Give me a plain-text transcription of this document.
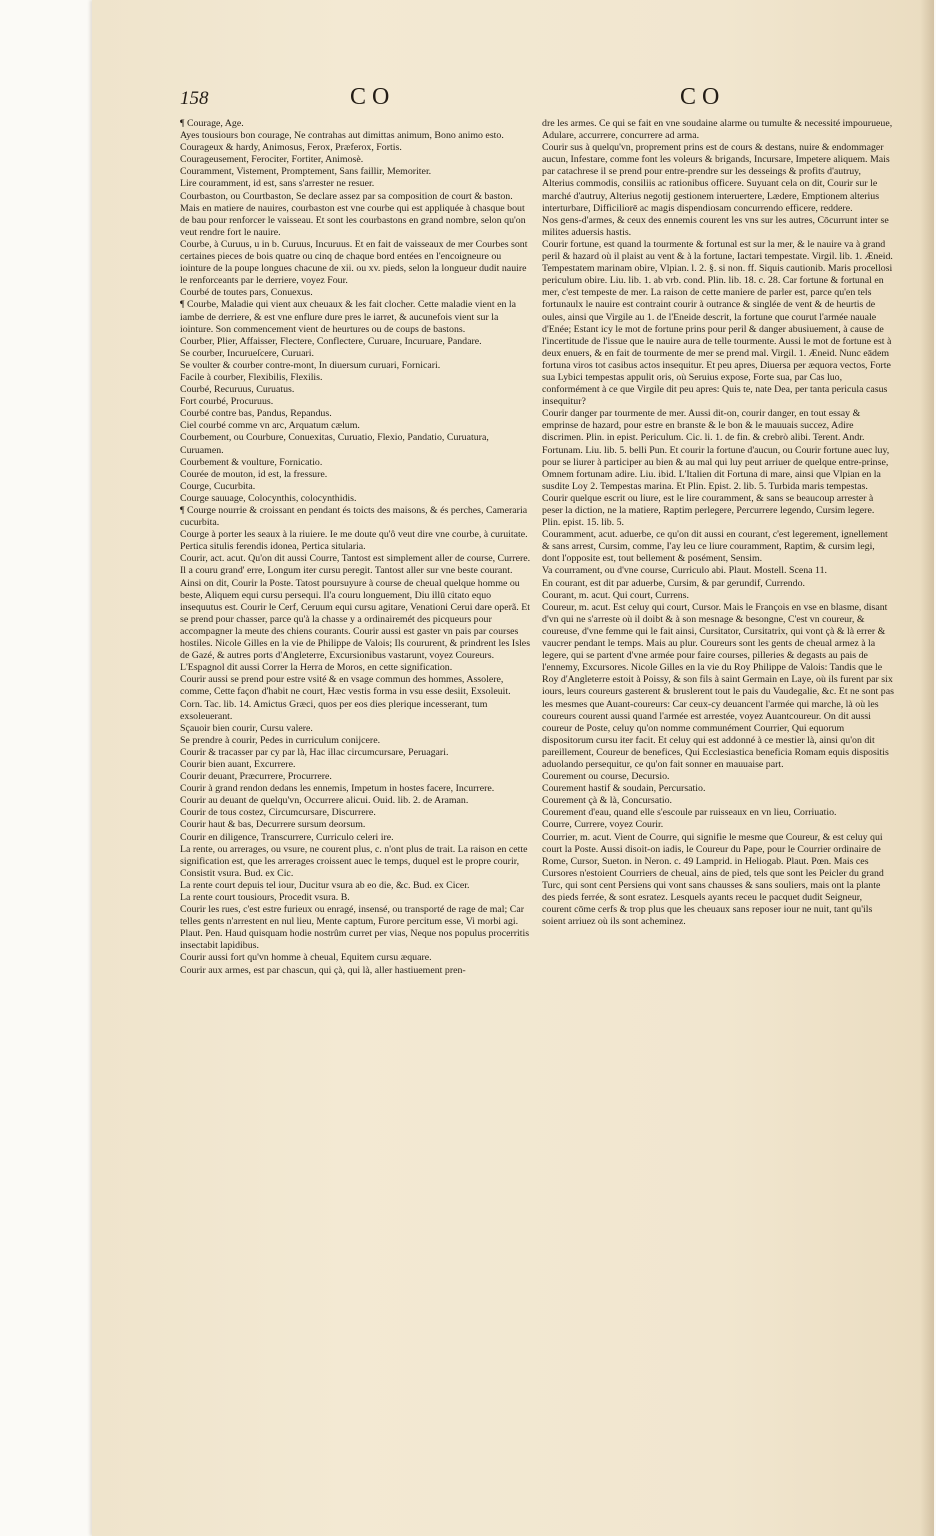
158	CO	CO

¶ Courage, Age.

Ayes tousiours bon courage, Ne contrahas aut dimittas animum, Bono animo esto.

Courageux & hardy, Animosus, Ferox, Præferox, Fortis.

Courageusement, Ferociter, Fortiter, Animosè.

Couramment, Vistement, Promptement, Sans faillir, Memoriter.

Lire couramment, id est, sans s'arrester ne resuer.

Courbaston, ou Courtbaston, Se declare assez par sa composition de court & baston. Mais en matiere de nauires, courbaston est vne courbe qui est appliquée à chasque bout de bau pour renforcer le vaisseau. Et sont les courbastons en grand nombre, selon qu'on veut rendre fort le nauire.

Courbe, à Curuus, u in b. Curuus, Incuruus. Et en fait de vaisseaux de mer Courbes sont certaines pieces de bois quatre ou cinq de chaque bord entées en l'encoigneure ou iointure de la poupe longues chacune de xii. ou xv. pieds, selon la longueur dudit nauire le renforceants par le derriere, voyez Four.

Courbé de toutes pars, Conuexus.

¶ Courbe, Maladie qui vient aux cheuaux & les fait clocher. Cette maladie vient en la iambe de derriere, & est vne enflure dure pres le iarret, & aucunefois vient sur la iointure. Son commencement vient de heurtures ou de coups de bastons.

Courber, Plier, Affaisser, Flectere, Conflectere, Curuare, Incuruare, Pandare.

Se courber, Incurueſcere, Curuari.

Se voulter & courber contre-mont, In diuersum curuari, Fornicari.

Facile à courber, Flexibilis, Flexilis.

Courbé, Recuruus, Curuatus.

Fort courbé, Procuruus.

Courbé contre bas, Pandus, Repandus.

Ciel courbé comme vn arc, Arquatum cælum.

Courbement, ou Courbure, Conuexitas, Curuatio, Flexio, Pandatio, Curuatura, Curuamen.

Courbement & voulture, Fornicatio.

Courée de mouton, id est, la fressure.

Courge, Cucurbita.

Courge sauuage, Colocynthis, colocynthidis.

¶ Courge nourrie & croissant en pendant és toicts des maisons, & és perches, Cameraria cucurbita.

Courge à porter les seaux à la riuiere. Ie me doute qu'ô veut dire vne courbe, à curuitate. Pertica situlis ferendis idonea, Pertica sitularia.

Courir, act. acut. Qu'on dit aussi Courre, Tantost est simplement aller de course, Currere. Il a couru grand' erre, Longum iter cursu peregit. Tantost aller sur vne beste courant. Ainsi on dit, Courir la Poste. Tatost poursuyure à course de cheual quelque homme ou beste, Aliquem equi cursu persequi. Il'a couru longuement, Diu illū citato equo insequutus est. Courir le Cerf, Ceruum equi cursu agitare, Venationi Cerui dare operã. Et se prend pour chasser, parce qu'à la chasse y a ordinairemét des picqueurs pour accompagner la meute des chiens courants. Courir aussi est gaster vn pais par courses hostiles. Nicole Gilles en la vie de Philippe de Valois; Ils coururent, & prindrent les Isles de Gazé, & autres ports d'Angleterre, Excursionibus vastarunt, voyez Coureurs. L'Espagnol dit aussi Correr la Herra de Moros, en cette signification.

Courir aussi se prend pour estre vsité & en vsage commun des hommes, Assolere, comme, Cette façon d'habit ne court, Hæc vestis forma in vsu esse desiit, Exsoleuit. Corn. Tac. lib. 14. Amictus Græci, quos per eos dies plerique incesserant, tum exsoleuerant.

Sçauoir bien courir, Cursu valere.

Se prendre à courir, Pedes in curriculum conijcere.

Courir & tracasser par cy par là, Hac illac circumcursare, Peruagari.

Courir bien auant, Excurrere.

Courir deuant, Præcurrere, Procurrere.

Courir à grand rendon dedans les ennemis, Impetum in hostes facere, Incurrere.

Courir au deuant de quelqu'vn, Occurrere alicui. Ouid. lib. 2. de Araman.

Courir de tous costez, Circumcursare, Discurrere.

Courir haut & bas, Decurrere sursum deorsum.

Courir en diligence, Transcurrere, Curriculo celeri ire.

La rente, ou arrerages, ou vsure, ne courent plus, c. n'ont plus de trait. La raison en cette signification est, que les arrerages croissent auec le temps, duquel est le propre courir, Consistit vsura. Bud. ex Cic.

La rente court depuis tel iour, Ducitur vsura ab eo die, &c. Bud. ex Cicer.

La rente court tousiours, Procedit vsura. B.

Courir les rues, c'est estre furieux ou enragé, insensé, ou transporté de rage de mal; Car telles gents n'arrestent en nul lieu, Mente captum, Furore percitum esse, Vi morbi agi. Plaut. Pen. Haud quisquam hodie nostrûm curret per vias, Neque nos populus procerritis insectabit lapidibus.

Courir aussi fort qu'vn homme à cheual, Equitem cursu æquare.

Courir aux armes, est par chascun, qui çà, qui là, aller hastiuement pren-

dre les armes. Ce qui se fait en vne soudaine alarme ou tumulte & necessité impourueue, Adulare, accurrere, concurrere ad arma.

Courir sus à quelqu'vn, proprement prins est de cours & destans, nuire & endommager aucun, Infestare, comme font les voleurs & brigands, Incursare, Impetere aliquem. Mais par catachrese il se prend pour entre-prendre sur les desseings & profits d'autruy, Alterius commodis, consiliis ac rationibus officere. Suyuant cela on dit, Courir sur le marché d'autruy, Alterius negotij gestionem interuertere, Lædere, Emptionem alterius interturbare, Difficiliorē ac magis dispendiosam concurrendo efficere, reddere.

Nos gens-d'armes, & ceux des ennemis courent les vns sur les autres, Cōcurrunt inter se milites aduersis hastis.

Courir fortune, est quand la tourmente & fortunal est sur la mer, & le nauire va à grand peril & hazard où il plaist au vent & à la fortune, Iactari tempestate. Virgil. lib. 1. Æneid. Tempestatem marinam obire, Vlpian. l. 2. §. si non. ff. Siquis cautionib. Maris procellosi periculum obire. Liu. lib. 1. ab vrb. cond. Plin. lib. 18. c. 28. Car fortune & fortunal en mer, c'est tempeste de mer. La raison de cette maniere de parler est, parce qu'en tels fortunaulx le nauire est contraint courir à outrance & singlée de vent & de heurtis de oules, ainsi que Virgile au 1. de l'Eneide descrit, la fortune que courut l'armée nauale d'Enée; Estant icy le mot de fortune prins pour peril & danger abusiuement, à cause de l'incertitude de l'issue que le nauire aura de telle tourmente. Aussi le mot de fortune est à deux enuers, & en fait de tourmente de mer se prend mal. Virgil. 1. Æneid. Nunc eādem fortuna viros tot casibus actos insequitur. Et peu apres, Diuersa per æquora vectos, Forte sua Lybici tempestas appulit oris, où Seruius expose, Forte sua, par Cas luo, conformément à ce que Virgile dit peu apres: Quis te, nate Dea, per tanta pericula casus insequitur?

Courir danger par tourmente de mer. Aussi dit-on, courir danger, en tout essay & emprinse de hazard, pour estre en branste & le bon & le mauuais succez, Adire discrimen. Plin. in epist. Periculum. Cic. li. 1. de fin. & crebrò alibi. Terent. Andr. Fortunam. Liu. lib. 5. belli Pun. Et courir la fortune d'aucun, ou Courir fortune auec luy, pour se liurer à participer au bien & au mal qui luy peut arriuer de quelque entre-prinse, Omnem fortunam adire. Liu. ibid. L'Italien dit Fortuna di mare, ainsi que Vlpian en la susdite Loy 2. Tempestas marina. Et Plin. Epist. 2. lib. 5. Turbida maris tempestas.

Courir quelque escrit ou liure, est le lire couramment, & sans se beaucoup arrester à peser la diction, ne la matiere, Raptim perlegere, Percurrere legendo, Cursim legere. Plin. epist. 15. lib. 5.

Couramment, acut. aduerbe, ce qu'on dit aussi en courant, c'est legerement, ignellement & sans arrest, Cursim, comme, I'ay leu ce liure couramment, Raptim, & cursim legi, dont l'opposite est, tout bellement & posément, Sensim.

Va courrament, ou d'vne course, Curriculo abi. Plaut. Mostell. Scena 11.

En courant, est dit par aduerbe, Cursim, & par gerundif, Currendo.

Courant, m. acut. Qui court, Currens.

Coureur, m. acut. Est celuy qui court, Cursor. Mais le François en vse en blasme, disant d'vn qui ne s'arreste où il doibt & à son mesnage & besongne, C'est vn coureur, & coureuse, d'vne femme qui le fait ainsi, Cursitator, Cursitatrix, qui vont çà & là errer & vaucrer pendant le temps. Mais au plur. Coureurs sont les gents de cheual armez à la legere, qui se partent d'vne armée pour faire courses, pilleries & degasts au pais de l'ennemy, Excursores. Nicole Gilles en la vie du Roy Philippe de Valois: Tandis que le Roy d'Angleterre estoit à Poissy, & son fils à saint Germain en Laye, où ils furent par six iours, leurs coureurs gasterent & bruslerent tout le pais du Vaudegalie, &c. Et ne sont pas les mesmes que Auant-coureurs: Car ceux-cy deuancent l'armée qui marche, là où les coureurs courent aussi quand l'armée est arrestée, voyez Auantcoureur. On dit aussi coureur de Poste, celuy qu'on nomme communément Courrier, Qui equorum dispositorum cursu iter facit. Et celuy qui est addonné à ce mestier là, ainsi qu'on dit pareillement, Coureur de benefices, Qui Ecclesiastica beneficia Romam equis dispositis aduolando persequitur, ce qu'on fait sonner en mauuaise part.

Courement ou course, Decursio.

Courement hastif & soudain, Percursatio.

Courement çà & là, Concursatio.

Courement d'eau, quand elle s'escoule par ruisseaux en vn lieu, Corriuatio.

Courre, Currere, voyez Courir.

Courrier, m. acut. Vient de Courre, qui signifie le mesme que Coureur, & est celuy qui court la Poste. Aussi disoit-on iadis, le Coureur du Pape, pour le Courrier ordinaire de Rome, Cursor, Sueton. in Neron. c. 49 Lamprid. in Heliogab. Plaut. Pœn. Mais ces Cursores n'estoient Courriers de cheual, ains de pied, tels que sont les Peicler du grand Turc, qui sont cent Persiens qui vont sans chausses & sans souliers, mais ont la plante des pieds ferrée, & sont esratez. Lesquels ayants receu le pacquet dudit Seigneur, courent cōme cerfs & trop plus que les cheuaux sans reposer iour ne nuit, tant qu'ils soient arriuez où ils sont acheminez.
